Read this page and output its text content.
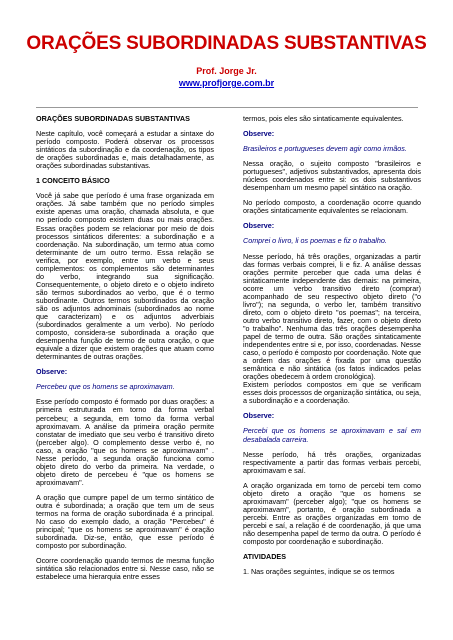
ORAÇÕES SUBORDINADAS SUBSTANTIVAS
Prof. Jorge Jr.
www.profjorge.com.br

ORAÇÕES SUBORDINADAS SUBSTANTIVAS

Neste capítulo, você começará a estudar a sintaxe do período composto. Poderá observar os processos sintáticos da subordinação e da coordenação, os tipos de orações subordinadas e, mais detalhadamente, as orações subordinadas substantivas.

1 CONCEITO BÁSICO

Você já sabe que período é uma frase organizada em orações. Já sabe também que no período simples existe apenas uma oração, chamada absoluta, e que no período composto existem duas ou mais orações. Essas orações podem se relacionar por meio de dois processos sintáticos diferentes: a subordinação e a coordenação. Na subordinação, um termo atua como determinante de um outro termo. Essa relação se verifica, por exemplo, entre um verbo e seus complementos: os complementos são determinantes do verbo, integrando sua significação. Consequentemente, o objeto direto e o objeto indireto são termos subordinados ao verbo, que é o termo subordinante. Outros termos subordinados da oração são os adjuntos adnominais (subordinados ao nome que caracterizam) e os adjuntos adverbiais (subordinados geralmente a um verbo). No período composto, considera-se subordinada a oração que desempenha função de termo de outra oração, o que equivale a dizer que existem orações que atuam como determinantes de outras orações.

Observe:

Percebeu que os homens se aproximavam.

Esse período composto é formado por duas orações: a primeira estruturada em torno da forma verbal percebeu; a segunda, em torno da forma verbal aproximavam. A análise da primeira oração permite constatar de imediato que seu verbo é transitivo direto (perceber algo). O complemento desse verbo é, no caso, a oração "que os homens se aproximavam" . Nesse período, a segunda oração funciona como objeto direto do verbo da primeira. Na verdade, o objeto direto de percebeu é "que os homens se aproximavam".

A oração que cumpre papel de um termo sintático de outra é subordinada; a oração que tem um de seus termos na forma de oração subordinada é a principal. No caso do exemplo dado, a oração "Percebeu" é principal; "que os homens se aproximavam" é oração subordinada. Diz-se, então, que esse período é composto por subordinação.

Ocorre coordenação quando termos de mesma função sintática são relacionados entre si. Nesse caso, não se estabelece uma hierarquia entre esses

termos, pois eles são sintaticamente equivalentes.

Observe:

Brasileiros e portugueses devem agir como irmãos.

Nessa oração, o sujeito composto "brasileiros e portugueses", adjetivos substantivados, apresenta dois núcleos coordenados entre si: os dois substantivos desempenham um mesmo papel sintático na oração.

No período composto, a coordenação ocorre quando orações sintaticamente equivalentes se relacionam.

Observe:

Comprei o livro, li os poemas e fiz o trabalho.

Nesse período, há três orações, organizadas a partir das formas verbais comprei, li e fiz. A análise dessas orações permite perceber que cada uma delas é sintaticamente independente das demais: na primeira, ocorre um verbo transitivo direto (comprar) acompanhado de seu respectivo objeto direto ("o livro"); na segunda, o verbo ler, também transitivo direto, com o objeto direto "os poemas"; na terceira, outro verbo transitivo direto, fazer, com o objeto direto "o trabalho". Nenhuma das três orações desempenha papel de termo de outra. São orações sintaticamente independentes entre si e, por isso, coordenadas. Nesse caso, o período é composto por coordenação. Note que a ordem das orações é fixada por uma questão semântica e não sintática (os fatos indicados pelas orações obedecem à ordem cronológica).

Existem períodos compostos em que se verificam esses dois processos de organização sintática, ou seja, a subordinação e a coordenação.

Observe:

Percebi que os homens se aproximavam e saí em desabalada carreira.

Nesse período, há três orações, organizadas respectivamente a partir das formas verbais percebi, aproximavam e saí.

A oração organizada em torno de percebi tem como objeto direto a oração "que os homens se aproximavam" (perceber algo); "que os homens se aproximavam", portanto, é oração subordinada a percebi. Entre as orações organizadas em torno de percebi e saí, a relação é de coordenação, já que uma não desempenha papel de termo da outra. O período é composto por coordenação e subordinação.

ATIVIDADES

1. Nas orações seguintes, indique se os termos
